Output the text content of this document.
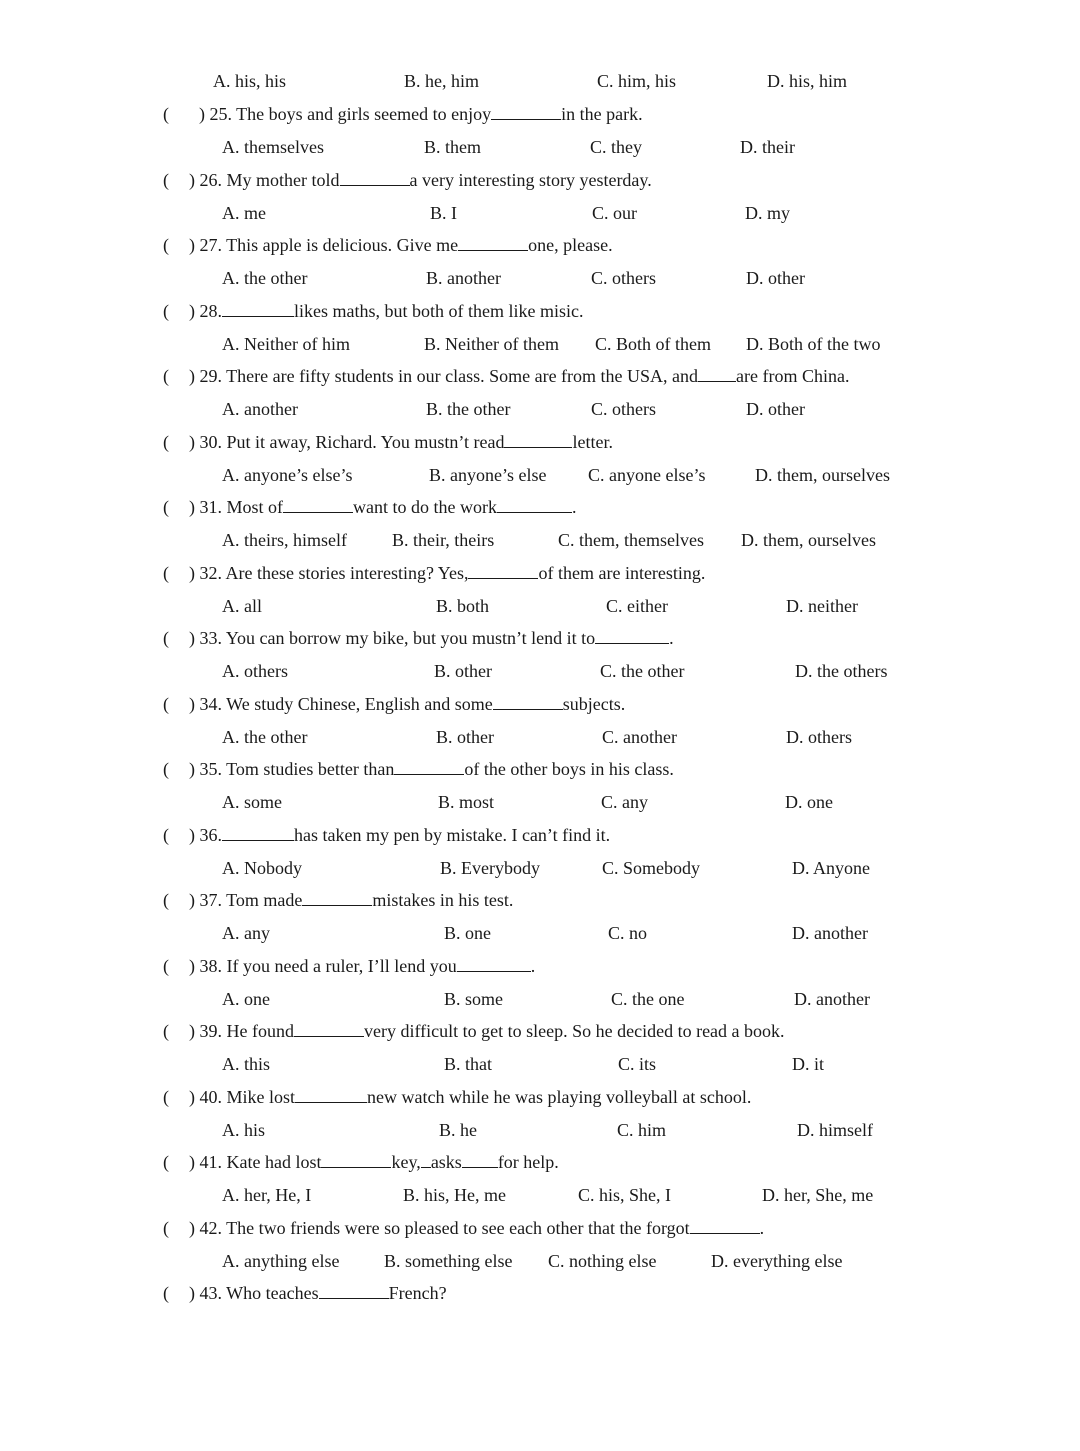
A. his, his	B. he, him	C. him, his	D. his, him
( ) 25. The boys and girls seemed to enjoy	in the park.
A. themselves	B. them	C. they	D. their
( ) 26. My mother told	a very interesting story yesterday.
A. me	B. I	C. our	D. my
( ) 27. This apple is delicious. Give me	one, please.
A. the other	B. another	C. others	D. other
( ) 28.	likes maths, but both of them like misic.
A. Neither of him	B. Neither of them C. Both of them D. Both of the two
( ) 29. There are fifty students in our class. Some are from the USA, and are from China.
A. another	B. the other	C. others	D. other
( ) 30. Put it away, Richard. You mustn’t read	letter.
A. anyone’s else’s	B. anyone’s else C. anyone else’s	D. them, ourselves
( ) 31. Most of	want to do the work	.
A. theirs, himself	B. their, theirs	C. them, themselves D. them, ourselves
( ) 32. Are these stories interesting? Yes,	of them are interesting.
A. all	B. both	C. either	D. neither
( ) 33. You can borrow my bike, but you mustn’t lend it to	.
A. others	B. other	C. the other	D. the others
( ) 34. We study Chinese, English and some	subjects.
A. the other	B. other	C. another	D. others
( ) 35. Tom studies better than	of the other boys in his class.
A. some	B. most	C. any	D. one
( ) 36.	has taken my pen by mistake. I can’t find it.
A. Nobody	B. Everybody	C. Somebody	D. Anyone
( ) 37. Tom made	mistakes in his test.
A. any	B. one	C. no	D. another
( ) 38. If you need a ruler, I’ll lend you	.
A. one	B. some	C. the one	D. another
( ) 39. He found	very difficult to get to sleep. So he decided to read a book.
A. this	B. that	C. its	D. it
( ) 40. Mike lost	new watch while he was playing volleyball at school.
A. his	B. he	C. him	D. himself
( ) 41. Kate had lost	key, asks for help.
A. her, He, I	B. his, He, me	C. his, She, I	D. her, She, me
( ) 42. The two friends were so pleased to see each other that the forgot	.
A. anything else B. something else C. nothing else	D. everything else
( ) 43. Who teaches	French?
